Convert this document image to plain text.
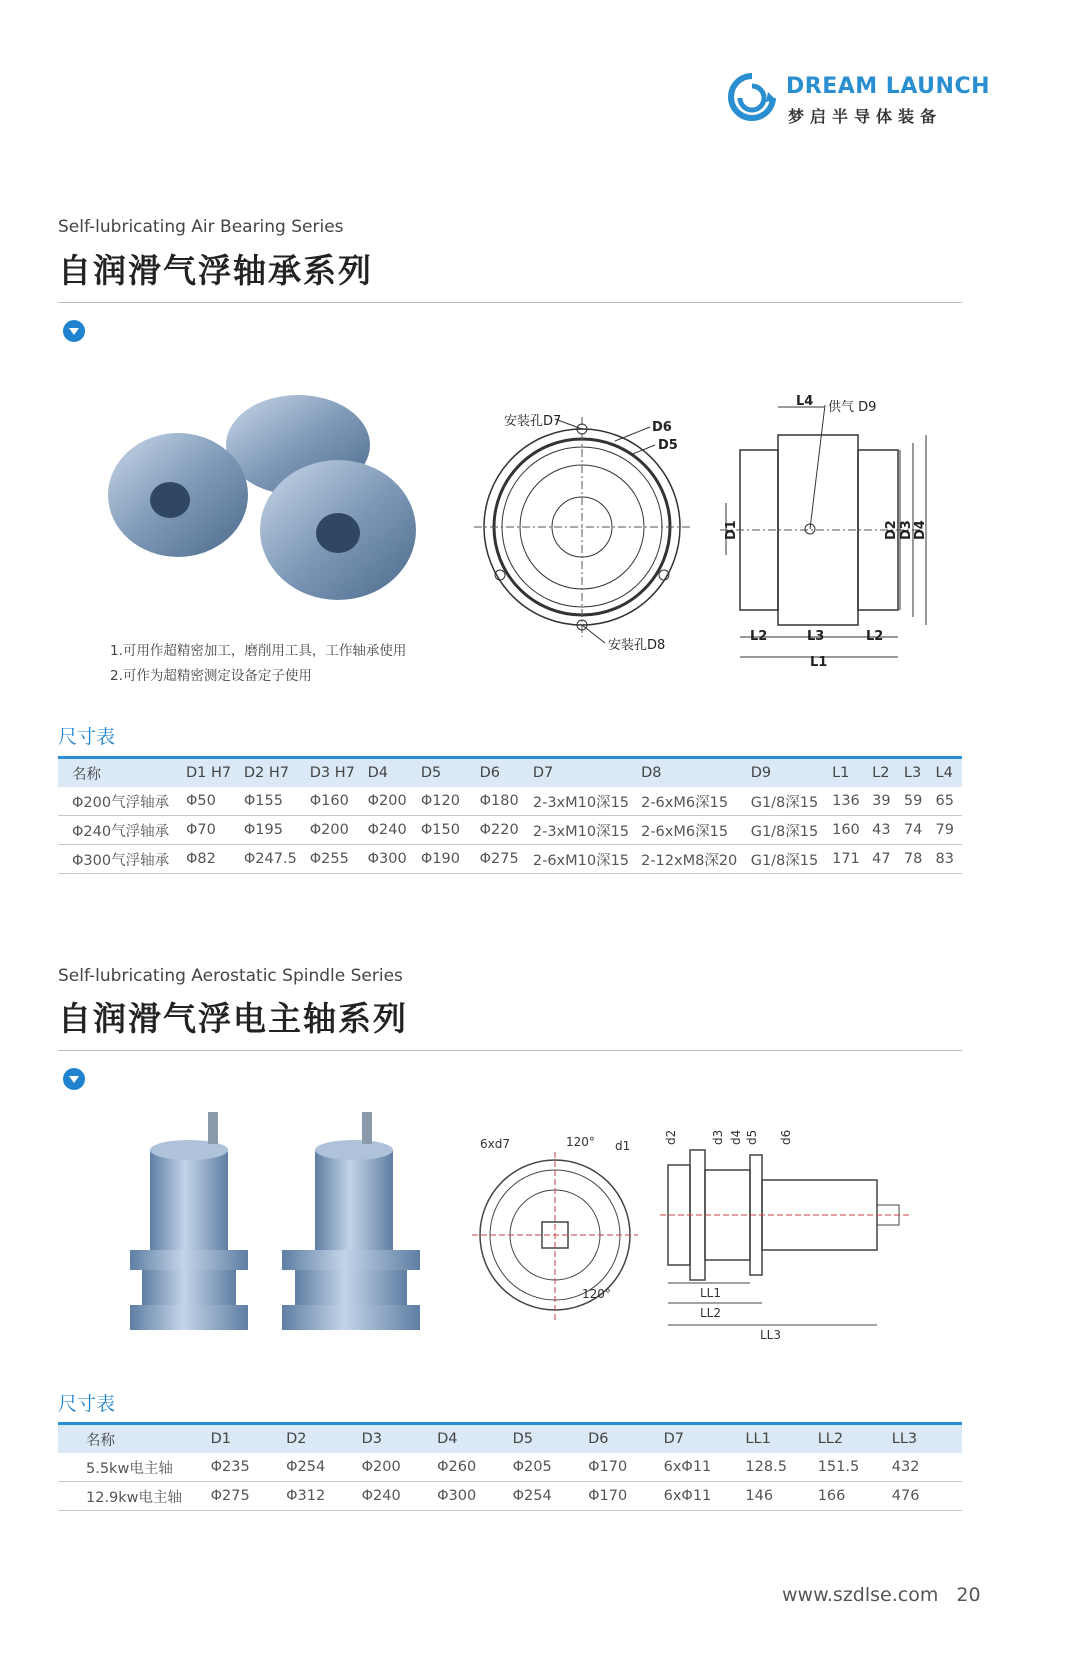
DREAM LAUNCH
梦启半导体装备
Self-lubricating Air Bearing Series
自润滑气浮轴承系列
1.可用作超精密加工，磨削用工具，工作轴承使用
2.可作为超精密测定设备定子使用
安装孔D7	D6
D5
安装孔D8
L4 供气 D9
D1	D2 D3 D4
L2	L3	L2
L1
尺寸表
名称	D1 H7	D2 H7	D3 H7	D4	D5	D6	D7	D8	D9	L1	L2	L3	L4
Φ200气浮轴承	Φ50	Φ155	Φ160	Φ200	Φ120	Φ180	2-3xM10深15	2-6xM6深15	G1/8深15	136	39	59	65
Φ240气浮轴承	Φ70	Φ195	Φ200	Φ240	Φ150	Φ220	2-3xM10深15	2-6xM6深15	G1/8深15	160	43	74	79
Φ300气浮轴承	Φ82	Φ247.5	Φ255	Φ300	Φ190	Φ275	2-6xM10深15	2-12xM8深20	G1/8深15	171	47	78	83
Self-lubricating Aerostatic Spindle Series
自润滑气浮电主轴系列
6xd7	120° d1
120°
d2	d3 d4 d5 d6
LL1
LL2
LL3
尺寸表
名称	D1	D2	D3	D4	D5	D6	D7	LL1	LL2	LL3
5.5kw电主轴	Φ235	Φ254	Φ200	Φ260	Φ205	Φ170	6xΦ11	128.5	151.5	432
12.9kw电主轴	Φ275	Φ312	Φ240	Φ300	Φ254	Φ170	6xΦ11	146	166	476
www.szdlse.com 20
